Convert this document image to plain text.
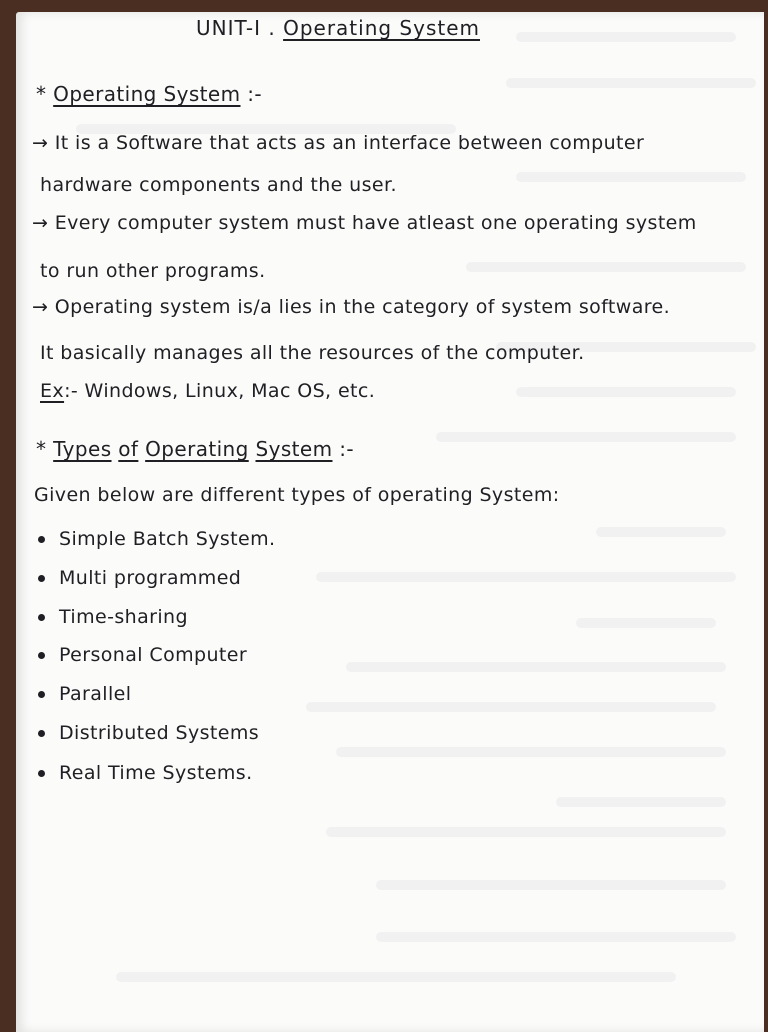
UNIT-I . Operating System
* Operating System :-
→ It is a Software that acts as an interface between computer
hardware components and the user.
→ Every computer system must have atleast one operating system
to run other programs.
→ Operating system is/a lies in the category of system software.
It basically manages all the resources of the computer.
Ex:- Windows, Linux, Mac OS, etc.
* Types of Operating System :-
Given below are different types of operating System:
Simple Batch System.
Multi programmed
Time-sharing
Personal Computer
Parallel
Distributed Systems
Real Time Systems.
